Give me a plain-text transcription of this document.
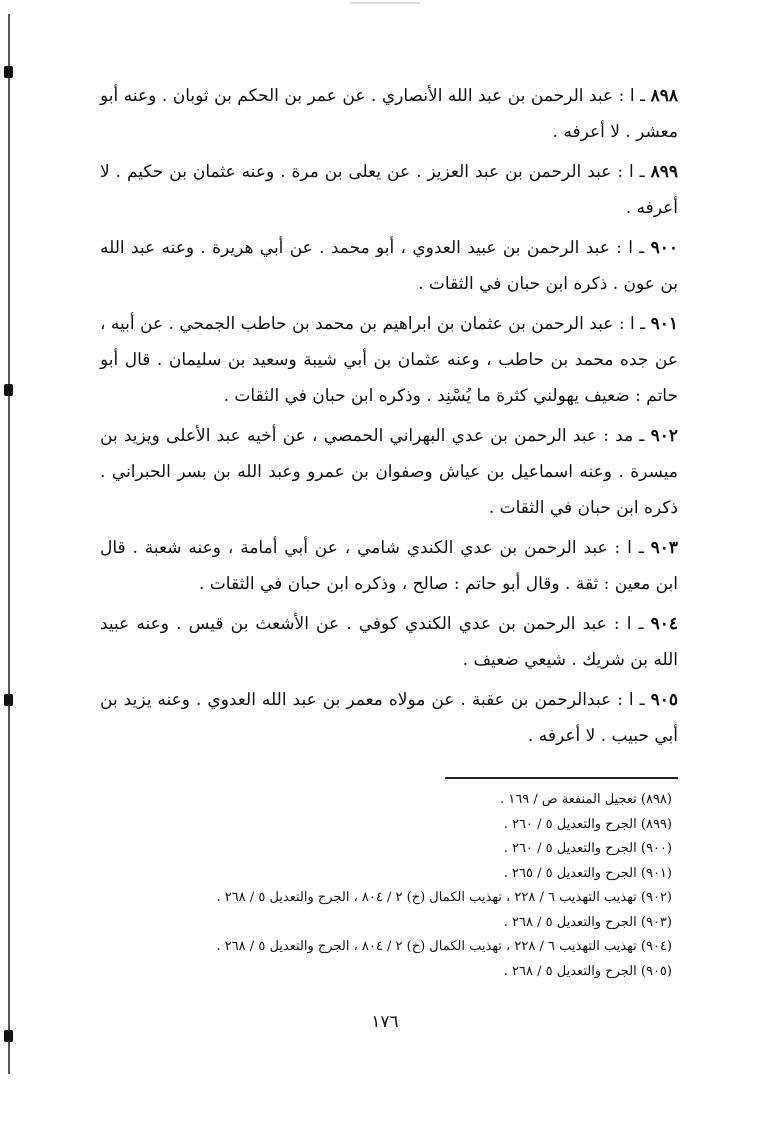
٨٩٨ ـ ا : عبد الرحمن بن عبد الله الأنصاري . عن عمر بن الحكم بن ثوبان . وعنه أبو معشر . لا أعرفه .

٨٩٩ ـ ا : عبد الرحمن بن عبد العزيز . عن يعلى بن مرة . وعنه عثمان بن حكيم . لا أعرفه .

٩٠٠ ـ ا : عبد الرحمن بن عبيد العدوي ، أبو محمد . عن أبي هريرة . وعنه عبد الله بن عون . ذكره ابن حبان في الثقات .

٩٠١ ـ ا : عبد الرحمن بن عثمان بن ابراهيم بن محمد بن حاطب الجمحي . عن أبيه ، عن جده محمد بن حاطب ، وعنه عثمان بن أبي شيبة وسعيد بن سليمان . قال أبو حاتم : ضعيف يهولني كثرة ما يُسْنِد . وذكره ابن حبان في الثقات .

٩٠٢ ـ مد : عبد الرحمن بن عدي البهراني الحمصي ، عن أخيه عبد الأعلى ويزيد بن ميسرة . وعنه اسماعيل بن عياش وصفوان بن عمرو وعبد الله بن بسر الحبراني . ذكره ابن حبان في الثقات .

٩٠٣ ـ ا : عبد الرحمن بن عدي الكندي شامي ، عن أبي أمامة ، وعنه شعبة . قال ابن معين : ثقة . وقال أبو حاتم : صالح ، وذكره ابن حبان في الثقات .

٩٠٤ ـ ا : عبد الرحمن بن عدي الكندي كوفي . عن الأشعث بن قيس . وعنه عبيد الله بن شريك . شيعي ضعيف .

٩٠٥ ـ ا : عبدالرحمن بن عقبة . عن مولاه معمر بن عبد الله العدوي . وعنه يزيد بن أبي حبيب . لا أعرفه .

(٨٩٨) تعجيل المنفعة ص / ١٦٩ .

(٨٩٩) الجرح والتعديل ٥ / ٢٦٠ .

(٩٠٠) الجرح والتعديل ٥ / ٢٦٠ .

(٩٠١) الجرح والتعديل ٥ / ٢٦٥ .

(٩٠٢) تهذيب التهذيب ٦ / ٢٢٨ ، تهذيب الكمال (خ) ٢ / ٨٠٤ ، الجرح والتعديل ٥ / ٢٦٨ .

(٩٠٣) الجرح والتعديل ٥ / ٢٦٨ .

(٩٠٤) تهذيب التهذيب ٦ / ٢٢٨ ، تهذيب الكمال (خ) ٢ / ٨٠٤ ، الجرح والتعديل ٥ / ٢٦٨ .

(٩٠٥) الجرح والتعديل ٥ / ٢٦٨ .

١٧٦
